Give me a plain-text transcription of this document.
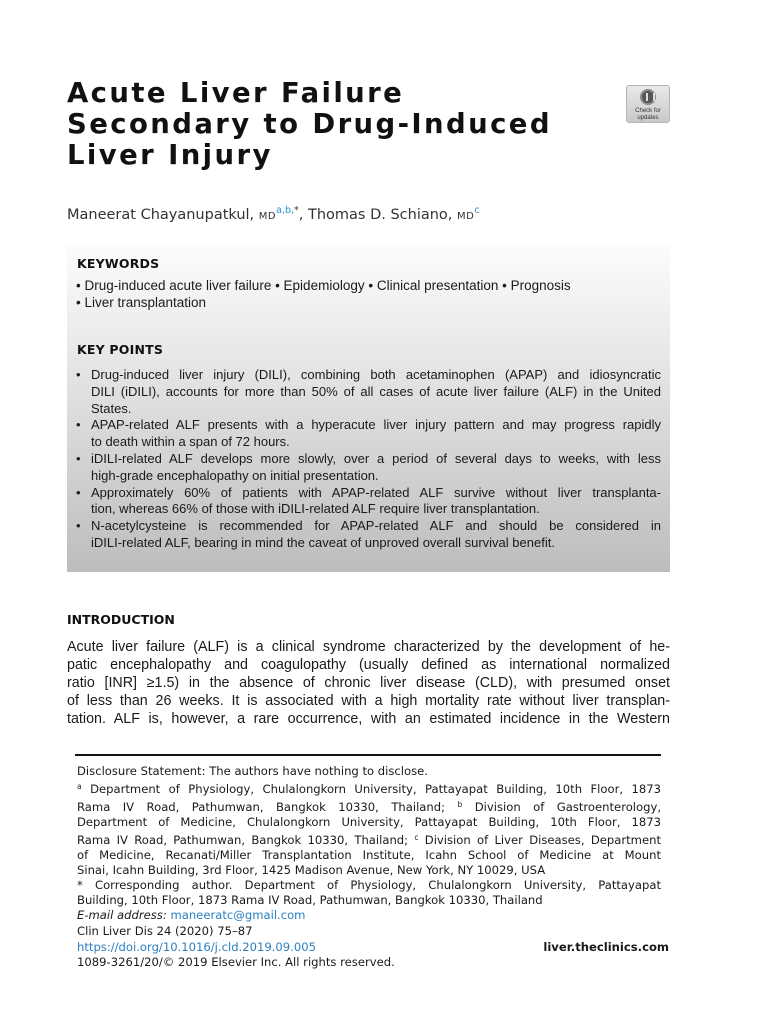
Acute Liver Failure
Secondary to Drug-Induced
Liver Injury
Check for
updates

Maneerat Chayanupatkul, $MD^{a,b,*}$, Thomas D. Schiano, $MD^c$

KEYWORDS

• Drug-induced acute liver failure • Epidemiology • Clinical presentation • Prognosis
• Liver transplantation

KEY POINTS
• Drug-induced liver injury (DILI), combining both acetaminophen (APAP) and idiosyncratic
DILI (iDILI), accounts for more than 50% of all cases of acute liver failure (ALF) in the United
States.
• APAP-related ALF presents with a hyperacute liver injury pattern and may progress rapidly
to death within a span of 72 hours.
• iDILI-related ALF develops more slowly, over a period of several days to weeks, with less
high-grade encephalopathy on initial presentation.
• Approximately 60% of patients with APAP-related ALF survive without liver transplanta-
tion, whereas 66% of those with iDILI-related ALF require liver transplantation.
• N-acetylcysteine is recommended for APAP-related ALF and should be considered in
iDILI-related ALF, bearing in mind the caveat of unproved overall survival benefit.
INTRODUCTION

Acute liver failure (ALF) is a clinical syndrome characterized by the development of he-
patic encephalopathy and coagulopathy (usually defined as international normalized
ratio [INR] ≥1.5) in the absence of chronic liver disease (CLD), with presumed onset
of less than 26 weeks. It is associated with a high mortality rate without liver transplan-
tation. ALF is, however, a rare occurrence, with an estimated incidence in the Western

Disclosure Statement: The authors have nothing to disclose.
$^a$ Department of Physiology, Chulalongkorn University, Pattayapat Building, 10th Floor, 1873
Rama IV Road, Pathumwan, Bangkok 10330, Thailand; $^b$ Division of Gastroenterology,
Department of Medicine, Chulalongkorn University, Pattayapat Building, 10th Floor, 1873
Rama IV Road, Pathumwan, Bangkok 10330, Thailand; $^c$ Division of Liver Diseases, Department
of Medicine, Recanati/Miller Transplantation Institute, Icahn School of Medicine at Mount
Sinai, Icahn Building, 3rd Floor, 1425 Madison Avenue, New York, NY 10029, USA
* Corresponding author. Department of Physiology, Chulalongkorn University, Pattayapat
Building, 10th Floor, 1873 Rama IV Road, Pathumwan, Bangkok 10330, Thailand
E-mail address: maneeratc@gmail.com
Clin Liver Dis 24 (2020) 75–87
https://doi.org/10.1016/j.cld.2019.09.005
1089-3261/20/© 2019 Elsevier Inc. All rights reserved.
liver.theclinics.com
